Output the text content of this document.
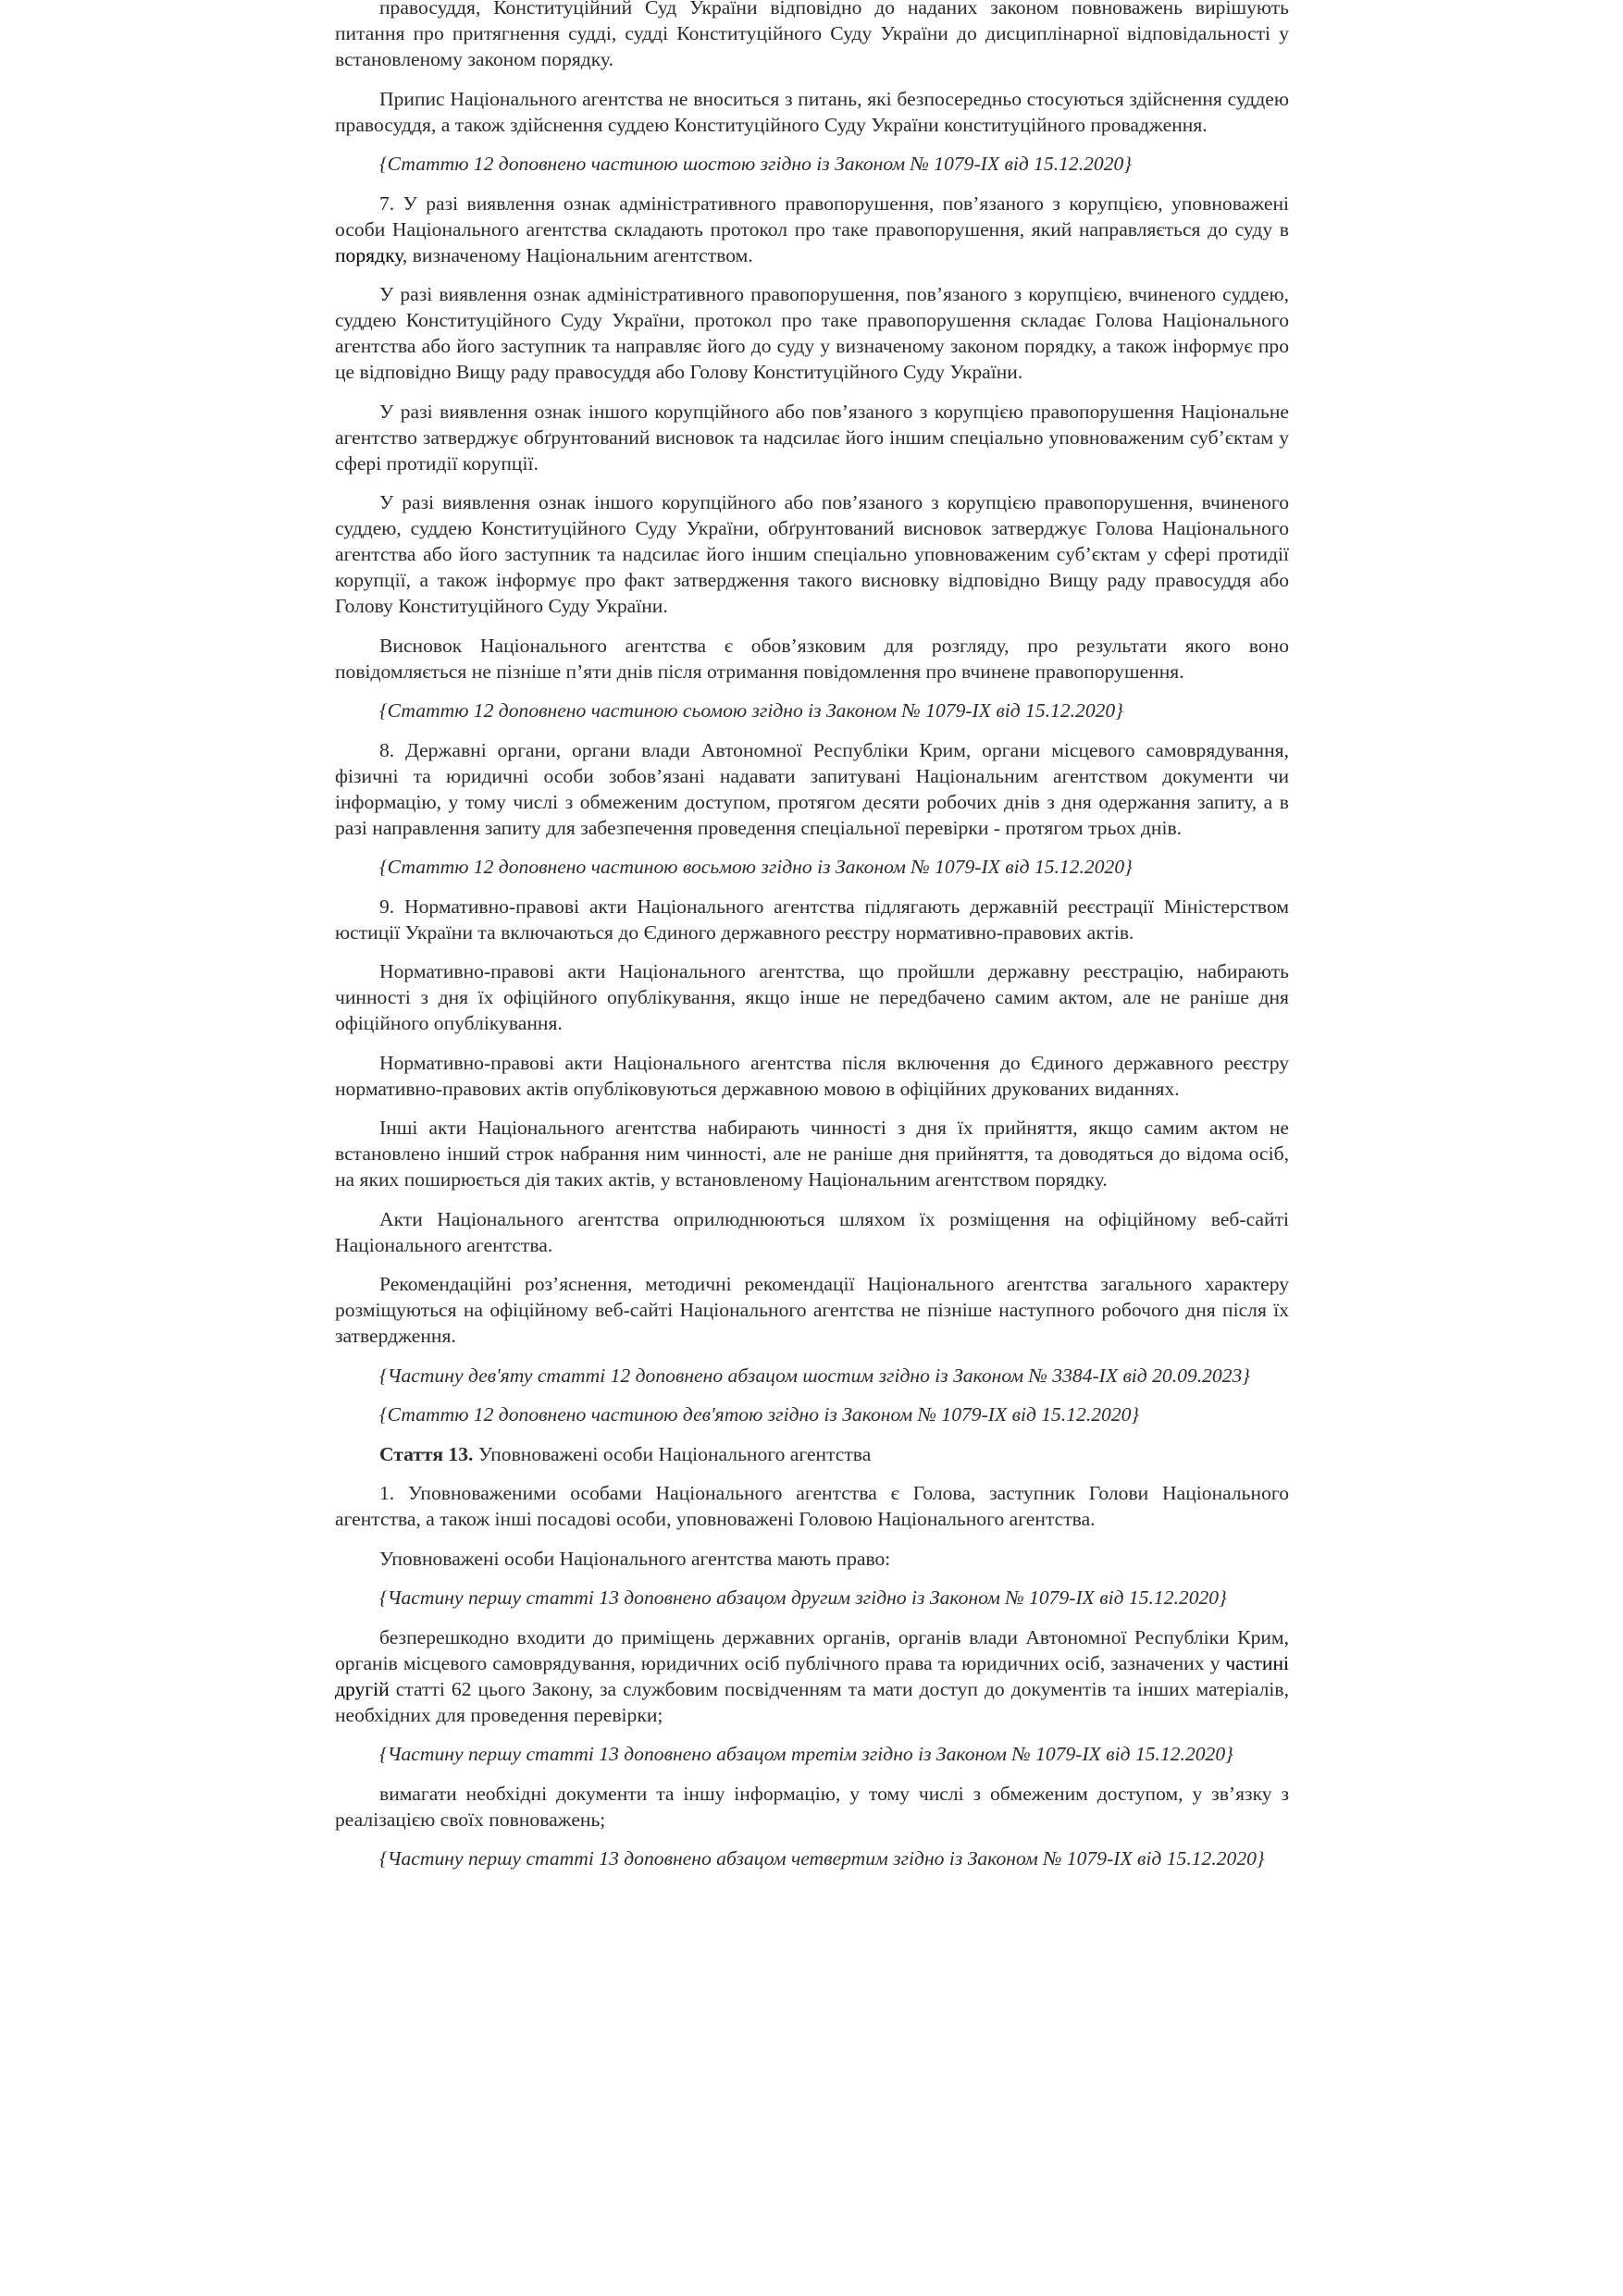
правосуддя, Конституційний Суд України відповідно до наданих законом повноважень вирішують питання про притягнення судді, судді Конституційного Суду України до дисциплінарної відповідальності у встановленому законом порядку.

Припис Національного агентства не вноситься з питань, які безпосередньо стосуються здійснення суддею правосуддя, а також здійснення суддею Конституційного Суду України конституційного провадження.

{Статтю 12 доповнено частиною шостою згідно із Законом № 1079-IX від 15.12.2020}

7. У разі виявлення ознак адміністративного правопорушення, пов’язаного з корупцією, уповноважені особи Національного агентства складають протокол про таке правопорушення, який направляється до суду в порядку, визначеному Національним агентством.

У разі виявлення ознак адміністративного правопорушення, пов’язаного з корупцією, вчиненого суддею, суддею Конституційного Суду України, протокол про таке правопорушення складає Голова Національного агентства або його заступник та направляє його до суду у визначеному законом порядку, а також інформує про це відповідно Вищу раду правосуддя або Голову Конституційного Суду України.

У разі виявлення ознак іншого корупційного або пов’язаного з корупцією правопорушення Національне агентство затверджує обґрунтований висновок та надсилає його іншим спеціально уповноваженим суб’єктам у сфері протидії корупції.

У разі виявлення ознак іншого корупційного або пов’язаного з корупцією правопорушення, вчиненого суддею, суддею Конституційного Суду України, обґрунтований висновок затверджує Голова Національного агентства або його заступник та надсилає його іншим спеціально уповноваженим суб’єктам у сфері протидії корупції, а також інформує про факт затвердження такого висновку відповідно Вищу раду правосуддя або Голову Конституційного Суду України.

Висновок Національного агентства є обов’язковим для розгляду, про результати якого воно повідомляється не пізніше п’яти днів після отримання повідомлення про вчинене правопорушення.

{Статтю 12 доповнено частиною сьомою згідно із Законом № 1079-IX від 15.12.2020}

8. Державні органи, органи влади Автономної Республіки Крим, органи місцевого самоврядування, фізичні та юридичні особи зобов’язані надавати запитувані Національним агентством документи чи інформацію, у тому числі з обмеженим доступом, протягом десяти робочих днів з дня одержання запиту, а в разі направлення запиту для забезпечення проведення спеціальної перевірки - протягом трьох днів.

{Статтю 12 доповнено частиною восьмою згідно із Законом № 1079-IX від 15.12.2020}

9. Нормативно-правові акти Національного агентства підлягають державній реєстрації Міністерством юстиції України та включаються до Єдиного державного реєстру нормативно-правових актів.

Нормативно-правові акти Національного агентства, що пройшли державну реєстрацію, набирають чинності з дня їх офіційного опублікування, якщо інше не передбачено самим актом, але не раніше дня офіційного опублікування.

Нормативно-правові акти Національного агентства після включення до Єдиного державного реєстру нормативно-правових актів опубліковуються державною мовою в офіційних друкованих виданнях.

Інші акти Національного агентства набирають чинності з дня їх прийняття, якщо самим актом не встановлено інший строк набрання ним чинності, але не раніше дня прийняття, та доводяться до відома осіб, на яких поширюється дія таких актів, у встановленому Національним агентством порядку.

Акти Національного агентства оприлюднюються шляхом їх розміщення на офіційному веб-сайті Національного агентства.

Рекомендаційні роз’яснення, методичні рекомендації Національного агентства загального характеру розміщуються на офіційному веб-сайті Національного агентства не пізніше наступного робочого дня після їх затвердження.

{Частину дев'яту статті 12 доповнено абзацом шостим згідно із Законом № 3384-IX від 20.09.2023}

{Статтю 12 доповнено частиною дев'ятою згідно із Законом № 1079-IX від 15.12.2020}

Стаття 13. Уповноважені особи Національного агентства

1. Уповноваженими особами Національного агентства є Голова, заступник Голови Національного агентства, а також інші посадові особи, уповноважені Головою Національного агентства.

Уповноважені особи Національного агентства мають право:

{Частину першу статті 13 доповнено абзацом другим згідно із Законом № 1079-IX від 15.12.2020}

безперешкодно входити до приміщень державних органів, органів влади Автономної Республіки Крим, органів місцевого самоврядування, юридичних осіб публічного права та юридичних осіб, зазначених у частині другій статті 62 цього Закону, за службовим посвідченням та мати доступ до документів та інших матеріалів, необхідних для проведення перевірки;

{Частину першу статті 13 доповнено абзацом третім згідно із Законом № 1079-IX від 15.12.2020}

вимагати необхідні документи та іншу інформацію, у тому числі з обмеженим доступом, у зв’язку з реалізацією своїх повноважень;

{Частину першу статті 13 доповнено абзацом четвертим згідно із Законом № 1079-IX від 15.12.2020}
